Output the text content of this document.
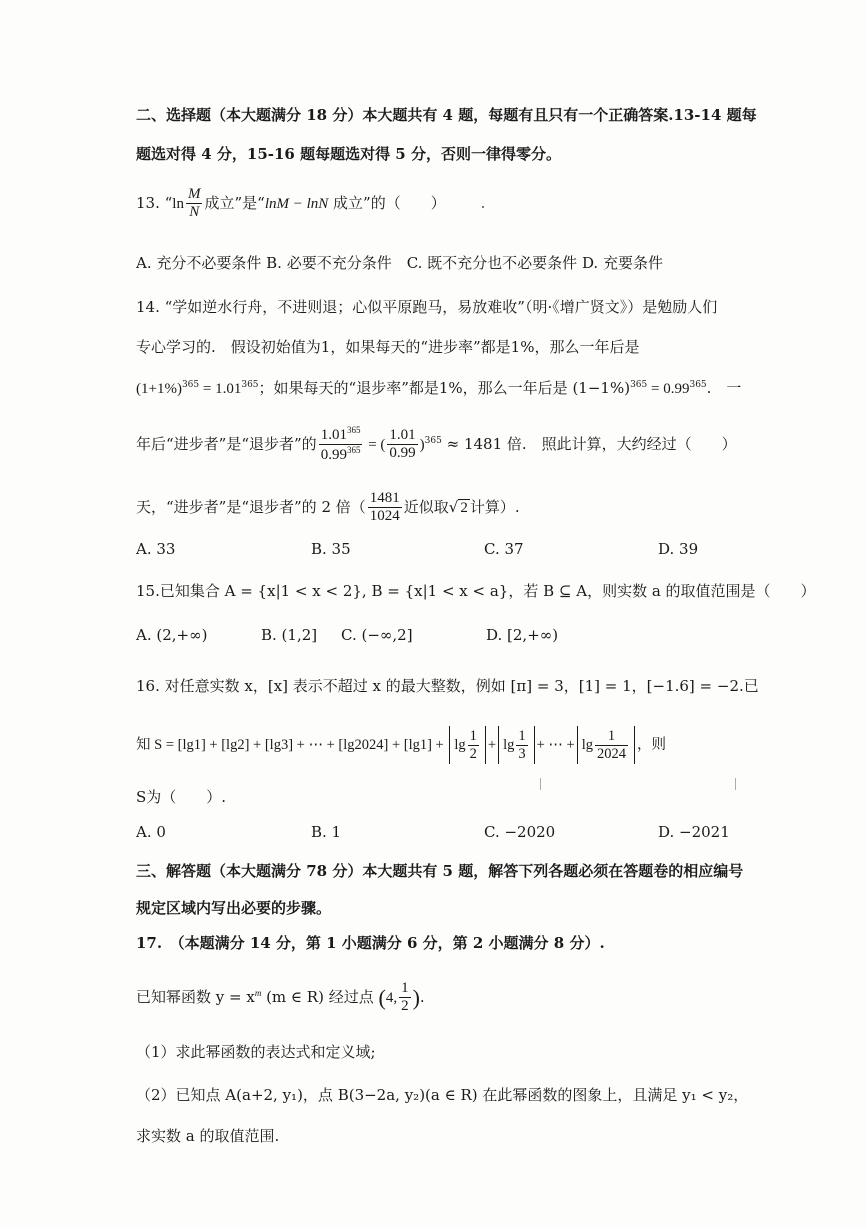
二、选择题（本大题满分 18 分）本大题共有 4 题，每题有且只有一个正确答案.13-14 题每
题选对得 4 分，15-16 题每题选对得 5 分，否则一律得零分。
13. “$\ln \frac{M}{N}$ 成立”是“lnM − lnN 成立”的（　　）
A. 充分不必要条件 B. 必要不充分条件　C. 既不充分也不必要条件 D. 充要条件
14. “学如逆水行舟，不进则退；心似平原跑马，易放难收”（明·《增广贤文》）是勉励人们
专心学习的.　假设初始值为1，如果每天的“进步率”都是1%，那么一年后是
$(1+1\%)^{365} = 1.01^{365}$；如果每天的“退步率”都是1%，那么一年后是 $(1-1\%)^{365} = 0.99^{365}$.　一
年后“进步者”是“退步者”的 $\frac{1.01^{365}}{0.99^{365}}$ = ( $\frac{1.01}{0.99} )^{365} \approx 1481$ 倍.　照此计算，大约经过（　　）
天，“进步者”是“退步者”的 2 倍（ $\frac{1481}{1024}$ 近似取√ 2 计算）.
A. 33	B. 35	C. 37	D. 39
15.已知集合 A = {x|1 < x < 2}, B = {x|1 < x < a}，若 B ⊆ A，则实数 a 的取值范围是（　　）
A. (2,+∞)	B. (1,2] C. (−∞,2]	D. [2,+∞)
16. 对任意实数 x，[x] 表示不超过 x 的最大整数，例如 [π] = 3，[1] = 1，[−1.6] = −2.已
知 S = [lg1] + [lg2] + [lg3] + ⋯ + $[\lg 2024] + [\lg 1] + \lg \frac{1}{2} + \lg \frac{1}{3}$ + ⋯ + $\lg \frac{1}{2024}$ ，则
S为（　　）.
A. 0	B. 1	C. −2020	D. −2021
三、解答题（本大题满分 78 分）本大题共有 5 题，解答下列各题必须在答题卷的相应编号
规定区域内写出必要的步骤。
17.　（本题满分 14 分，第 1 小题满分 6 分，第 2 小题满分 8 分）.
已知幂函数 $y = x^m$ (m ∈ R) 经过点 (4, $\frac{1}{2}$ ).
（1）求此幂函数的表达式和定义域;
（2）已知点 A(a+2, y₁)，点 B(3−2a, y₂)(a ∈ R) 在此幂函数的图象上，且满足 y₁ < y₂，
求实数 a 的取值范围.
